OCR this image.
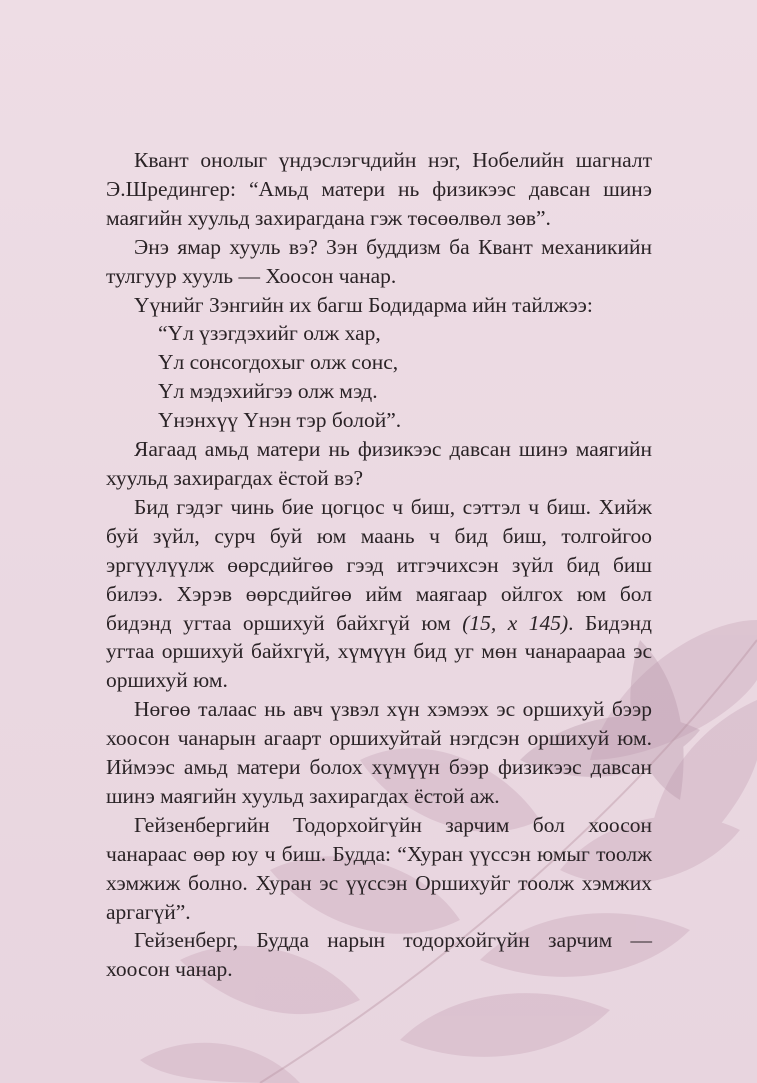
Квант онолыг үндэслэгчдийн нэг, Нобелийн шагналт Э.Шредингер: “Амьд матери нь физикээс давсан шинэ маягийн хуульд захирагдана гэж төсөөлвөл зөв”.

Энэ ямар хууль вэ? Зэн буддизм ба Квант механикийн тулгуур хууль — Хоосон чанар.

Үүнийг Зэнгийн их багш Бодидарма ийн тайлжээ:

“Үл үзэгдэхийг олж хар,
Үл сонсогдохыг олж сонс,
Үл мэдэхийгээ олж мэд.
Үнэнхүү Үнэн тэр болой”.

Яагаад амьд матери нь физикээс давсан шинэ маягийн хуульд захирагдах ёстой вэ?

Бид гэдэг чинь бие цогцос ч биш, сэттэл ч биш. Хийж буй зүйл, сурч буй юм маань ч бид биш, толгойгоо эргүүлүүлж өөрсдийгөө гээд итгэчихсэн зүйл бид биш билээ. Хэрэв өөрсдийгөө ийм маягаар ойлгох юм бол бидэнд угтаа оршихуй байхгүй юм (15, х 145). Бидэнд угтаа оршихуй байхгүй, хүмүүн бид уг мөн чанараараа эс оршихуй юм.

Нөгөө талаас нь авч үзвэл хүн хэмээх эс оршихуй бээр хоосон чанарын агаарт оршихуйтай нэгдсэн оршихуй юм. Иймээс амьд матери болох хүмүүн бээр физикээс давсан шинэ маягийн хуульд захирагдах ёстой аж.

Гейзенбергийн Тодорхойгүйн зарчим бол хоосон чанараас өөр юу ч биш. Будда: “Хуран үүссэн юмыг тоолж хэмжиж болно. Хуран эс үүссэн Оршихуйг тоолж хэмжих аргагүй”.

Гейзенберг, Будда нарын тодорхойгүйн зарчим — хоосон чанар.
